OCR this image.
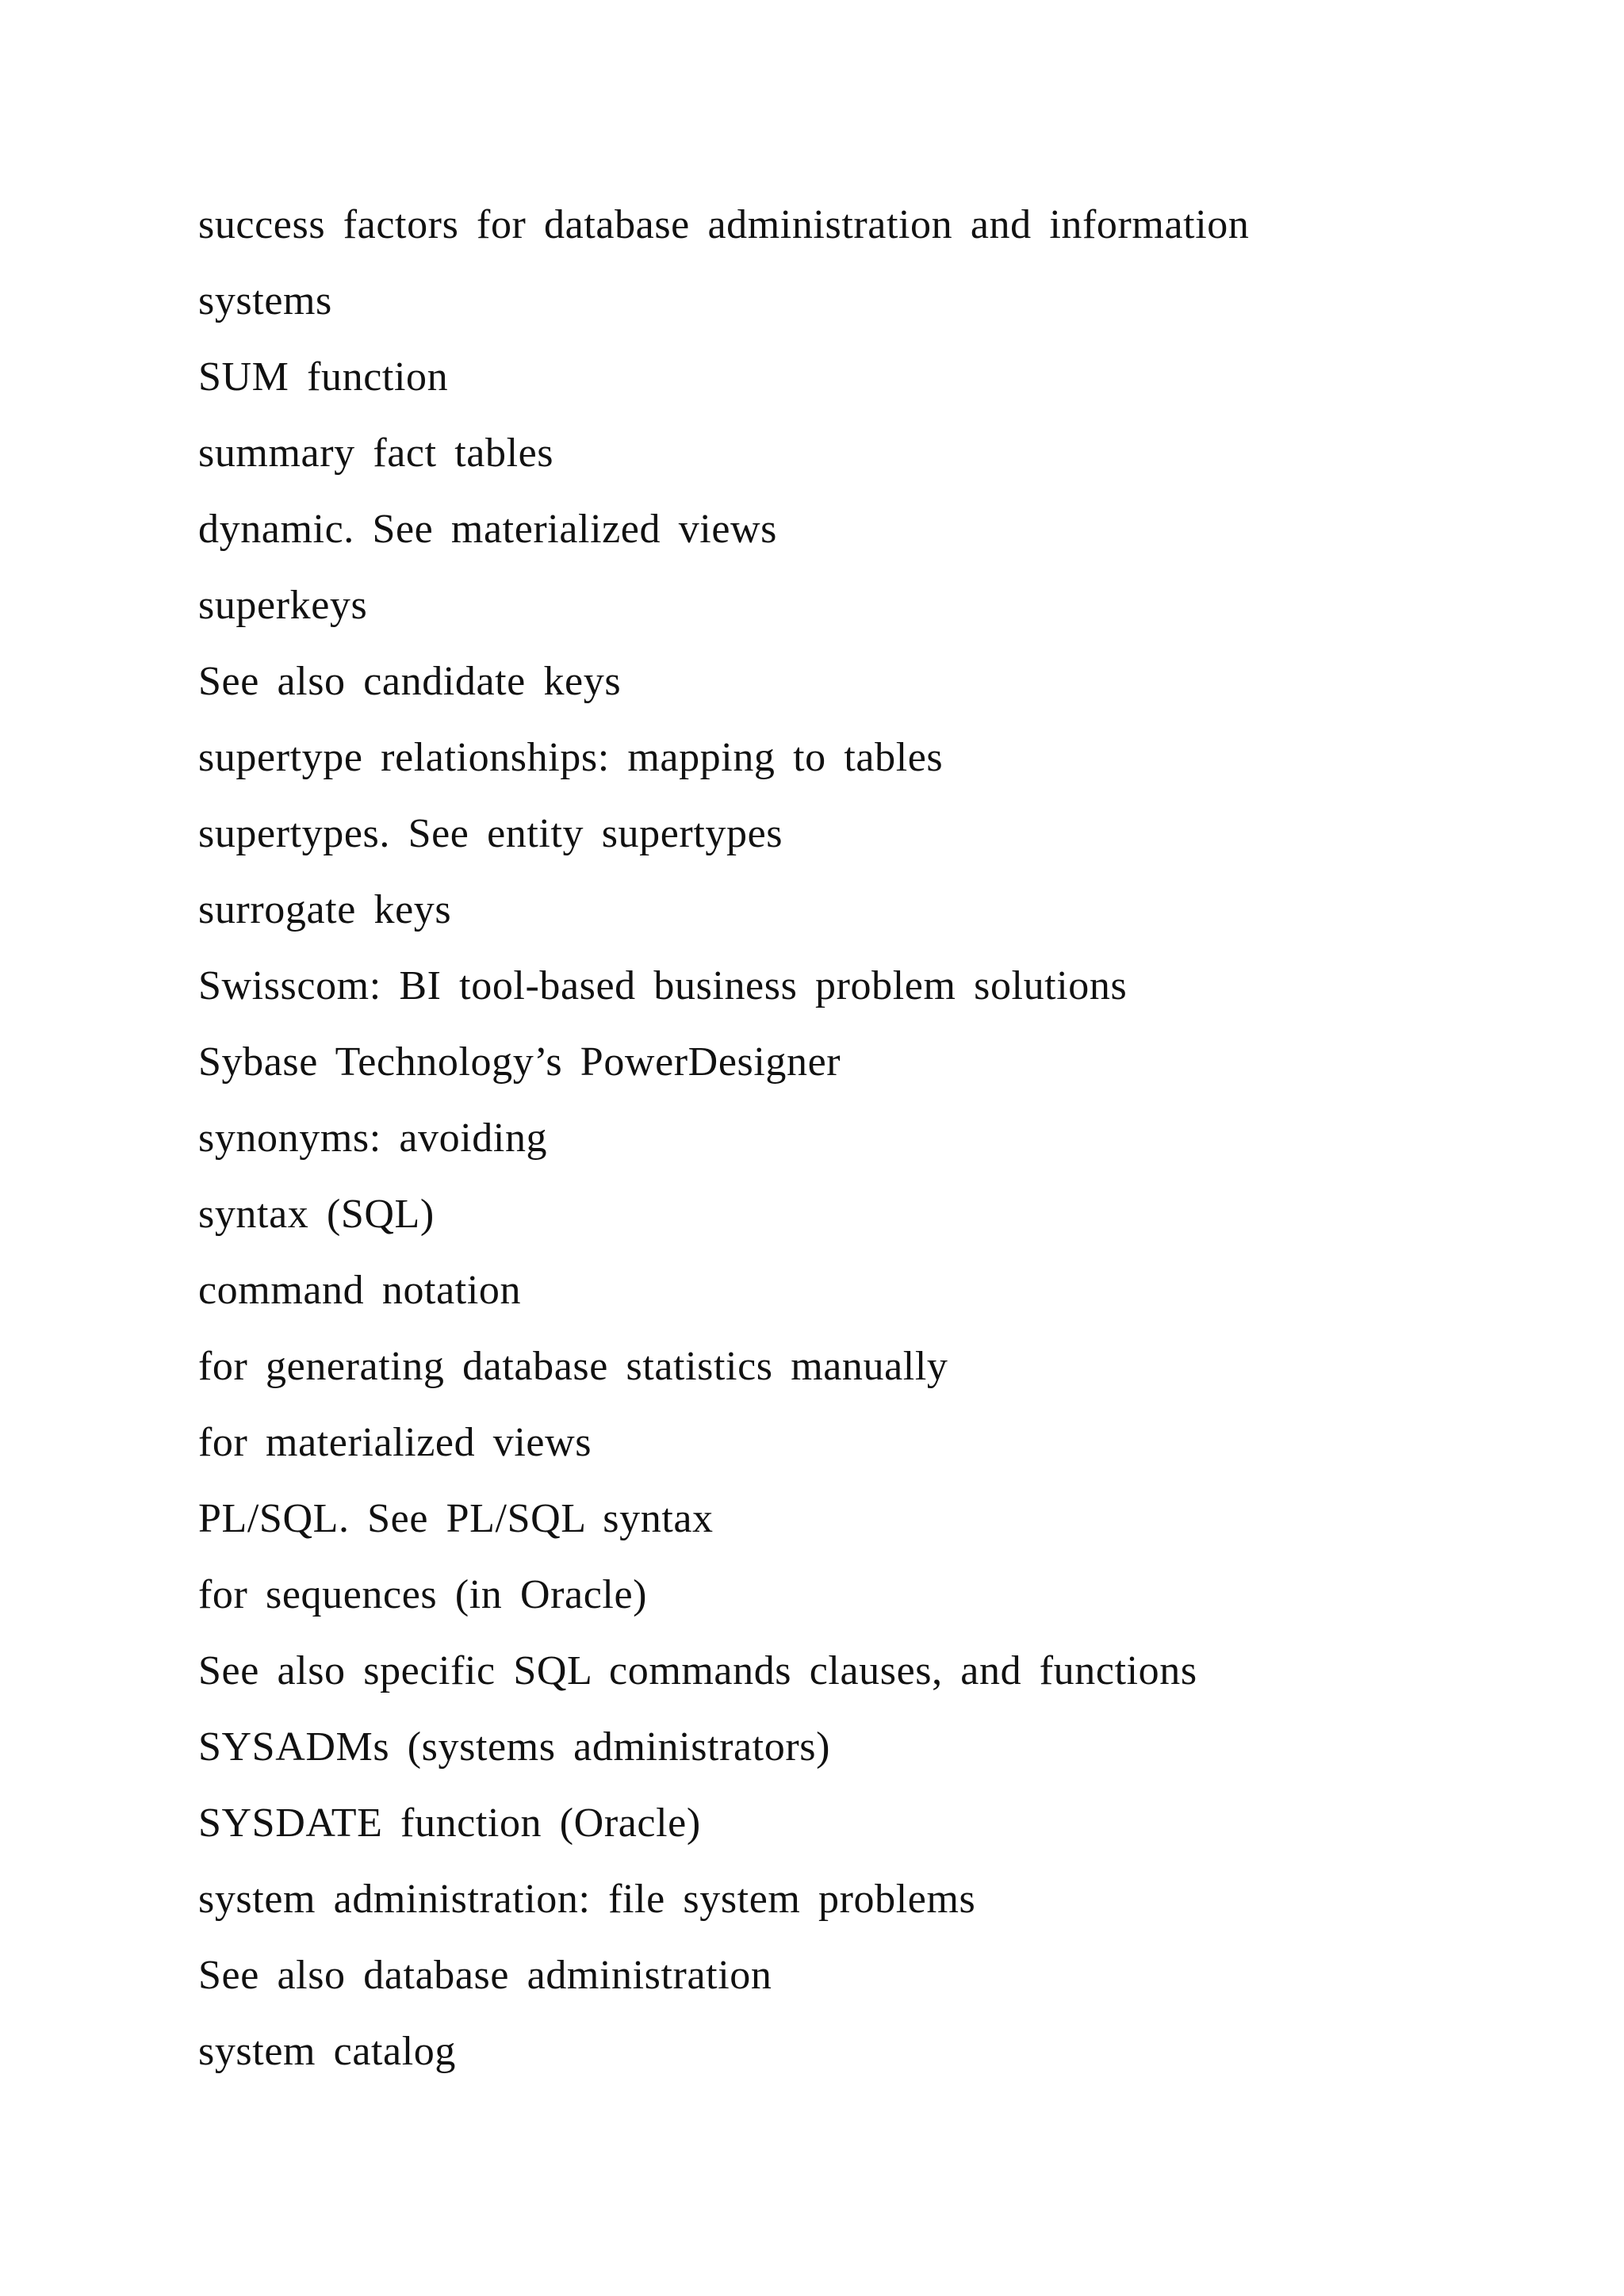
success factors for database administration and information
systems
SUM function
summary fact tables
dynamic. See materialized views
superkeys
See also candidate keys
supertype relationships: mapping to tables
supertypes. See entity supertypes
surrogate keys
Swisscom: BI tool-based business problem solutions
Sybase Technology’s PowerDesigner
synonyms: avoiding
syntax (SQL)
command notation
for generating database statistics manually
for materialized views
PL/SQL. See PL/SQL syntax
for sequences (in Oracle)
See also specific SQL commands clauses, and functions
SYSADMs (systems administrators)
SYSDATE function (Oracle)
system administration: file system problems
See also database administration
system catalog
